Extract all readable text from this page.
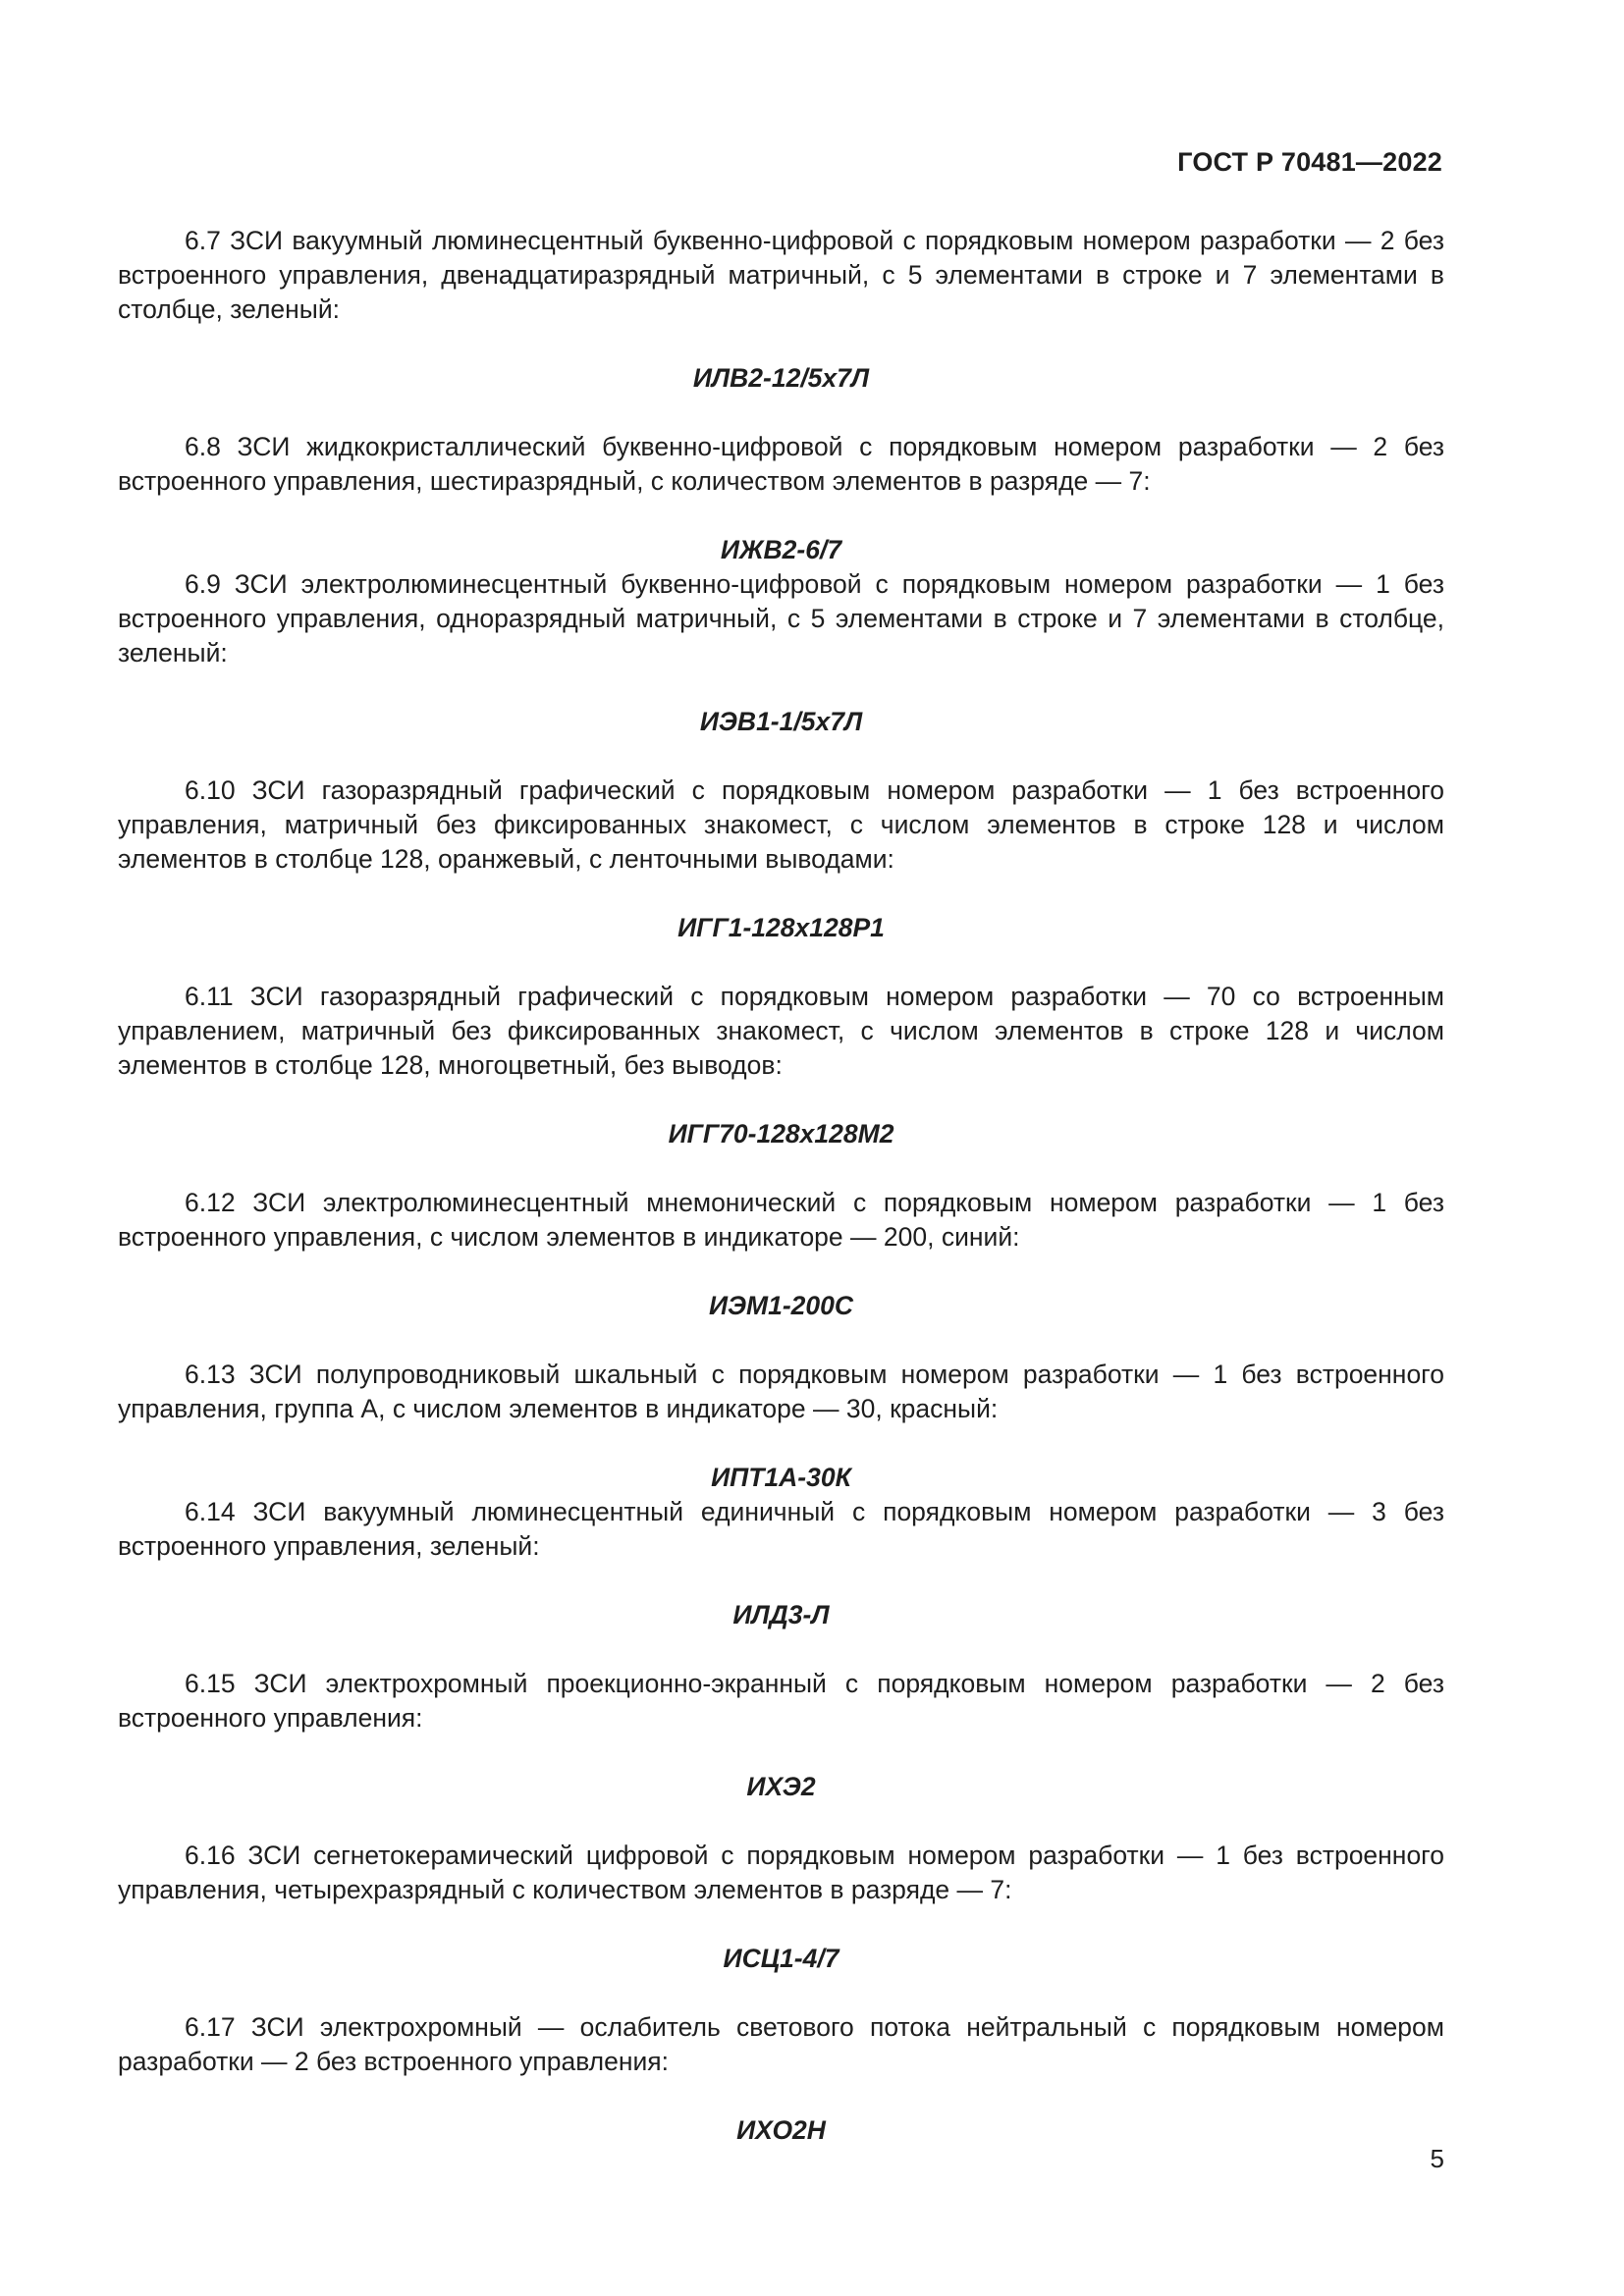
ГОСТ Р 70481—2022

6.7 ЗСИ вакуумный люминесцентный буквенно-цифровой с порядковым номером разработки — 2 без встроенного управления, двенадцатиразрядный матричный, с 5 элементами в строке и 7 элементами в столбце, зеленый:

ИЛВ2-12/5х7Л

6.8 ЗСИ жидкокристаллический буквенно-цифровой с порядковым номером разработки — 2 без встроенного управления, шестиразрядный, с количеством элементов в разряде — 7:

ИЖВ2-6/7

6.9 ЗСИ электролюминесцентный буквенно-цифровой с порядковым номером разработки — 1 без встроенного управления, одноразрядный матричный, с 5 элементами в строке и 7 элементами в столбце, зеленый:

ИЭВ1-1/5х7Л

6.10 ЗСИ газоразрядный графический с порядковым номером разработки — 1 без встроенного управления, матричный без фиксированных знакомест, с числом элементов в строке 128 и числом элементов в столбце 128, оранжевый, с ленточными выводами:

ИГГ1-128х128Р1

6.11 ЗСИ газоразрядный графический с порядковым номером разработки — 70 со встроенным управлением, матричный без фиксированных знакомест, с числом элементов в строке 128 и числом элементов в столбце 128, многоцветный, без выводов:

ИГГ70-128х128М2

6.12 ЗСИ электролюминесцентный мнемонический с порядковым номером разработки — 1 без встроенного управления, с числом элементов в индикаторе — 200, синий:

ИЭМ1-200С

6.13 ЗСИ полупроводниковый шкальный с порядковым номером разработки — 1 без встроенного управления, группа А, с числом элементов в индикаторе — 30, красный:

ИПТ1А-30К

6.14 ЗСИ вакуумный люминесцентный единичный с порядковым номером разработки — 3 без встроенного управления, зеленый:

ИЛД3-Л

6.15 ЗСИ электрохромный проекционно-экранный с порядковым номером разработки — 2 без встроенного управления:

ИХЭ2

6.16 ЗСИ сегнетокерамический цифровой с порядковым номером разработки — 1 без встроенного управления, четырехразрядный с количеством элементов в разряде — 7:

ИСЦ1-4/7

6.17 ЗСИ электрохромный — ослабитель светового потока нейтральный с порядковым номером разработки — 2 без встроенного управления:

ИХО2Н

5
